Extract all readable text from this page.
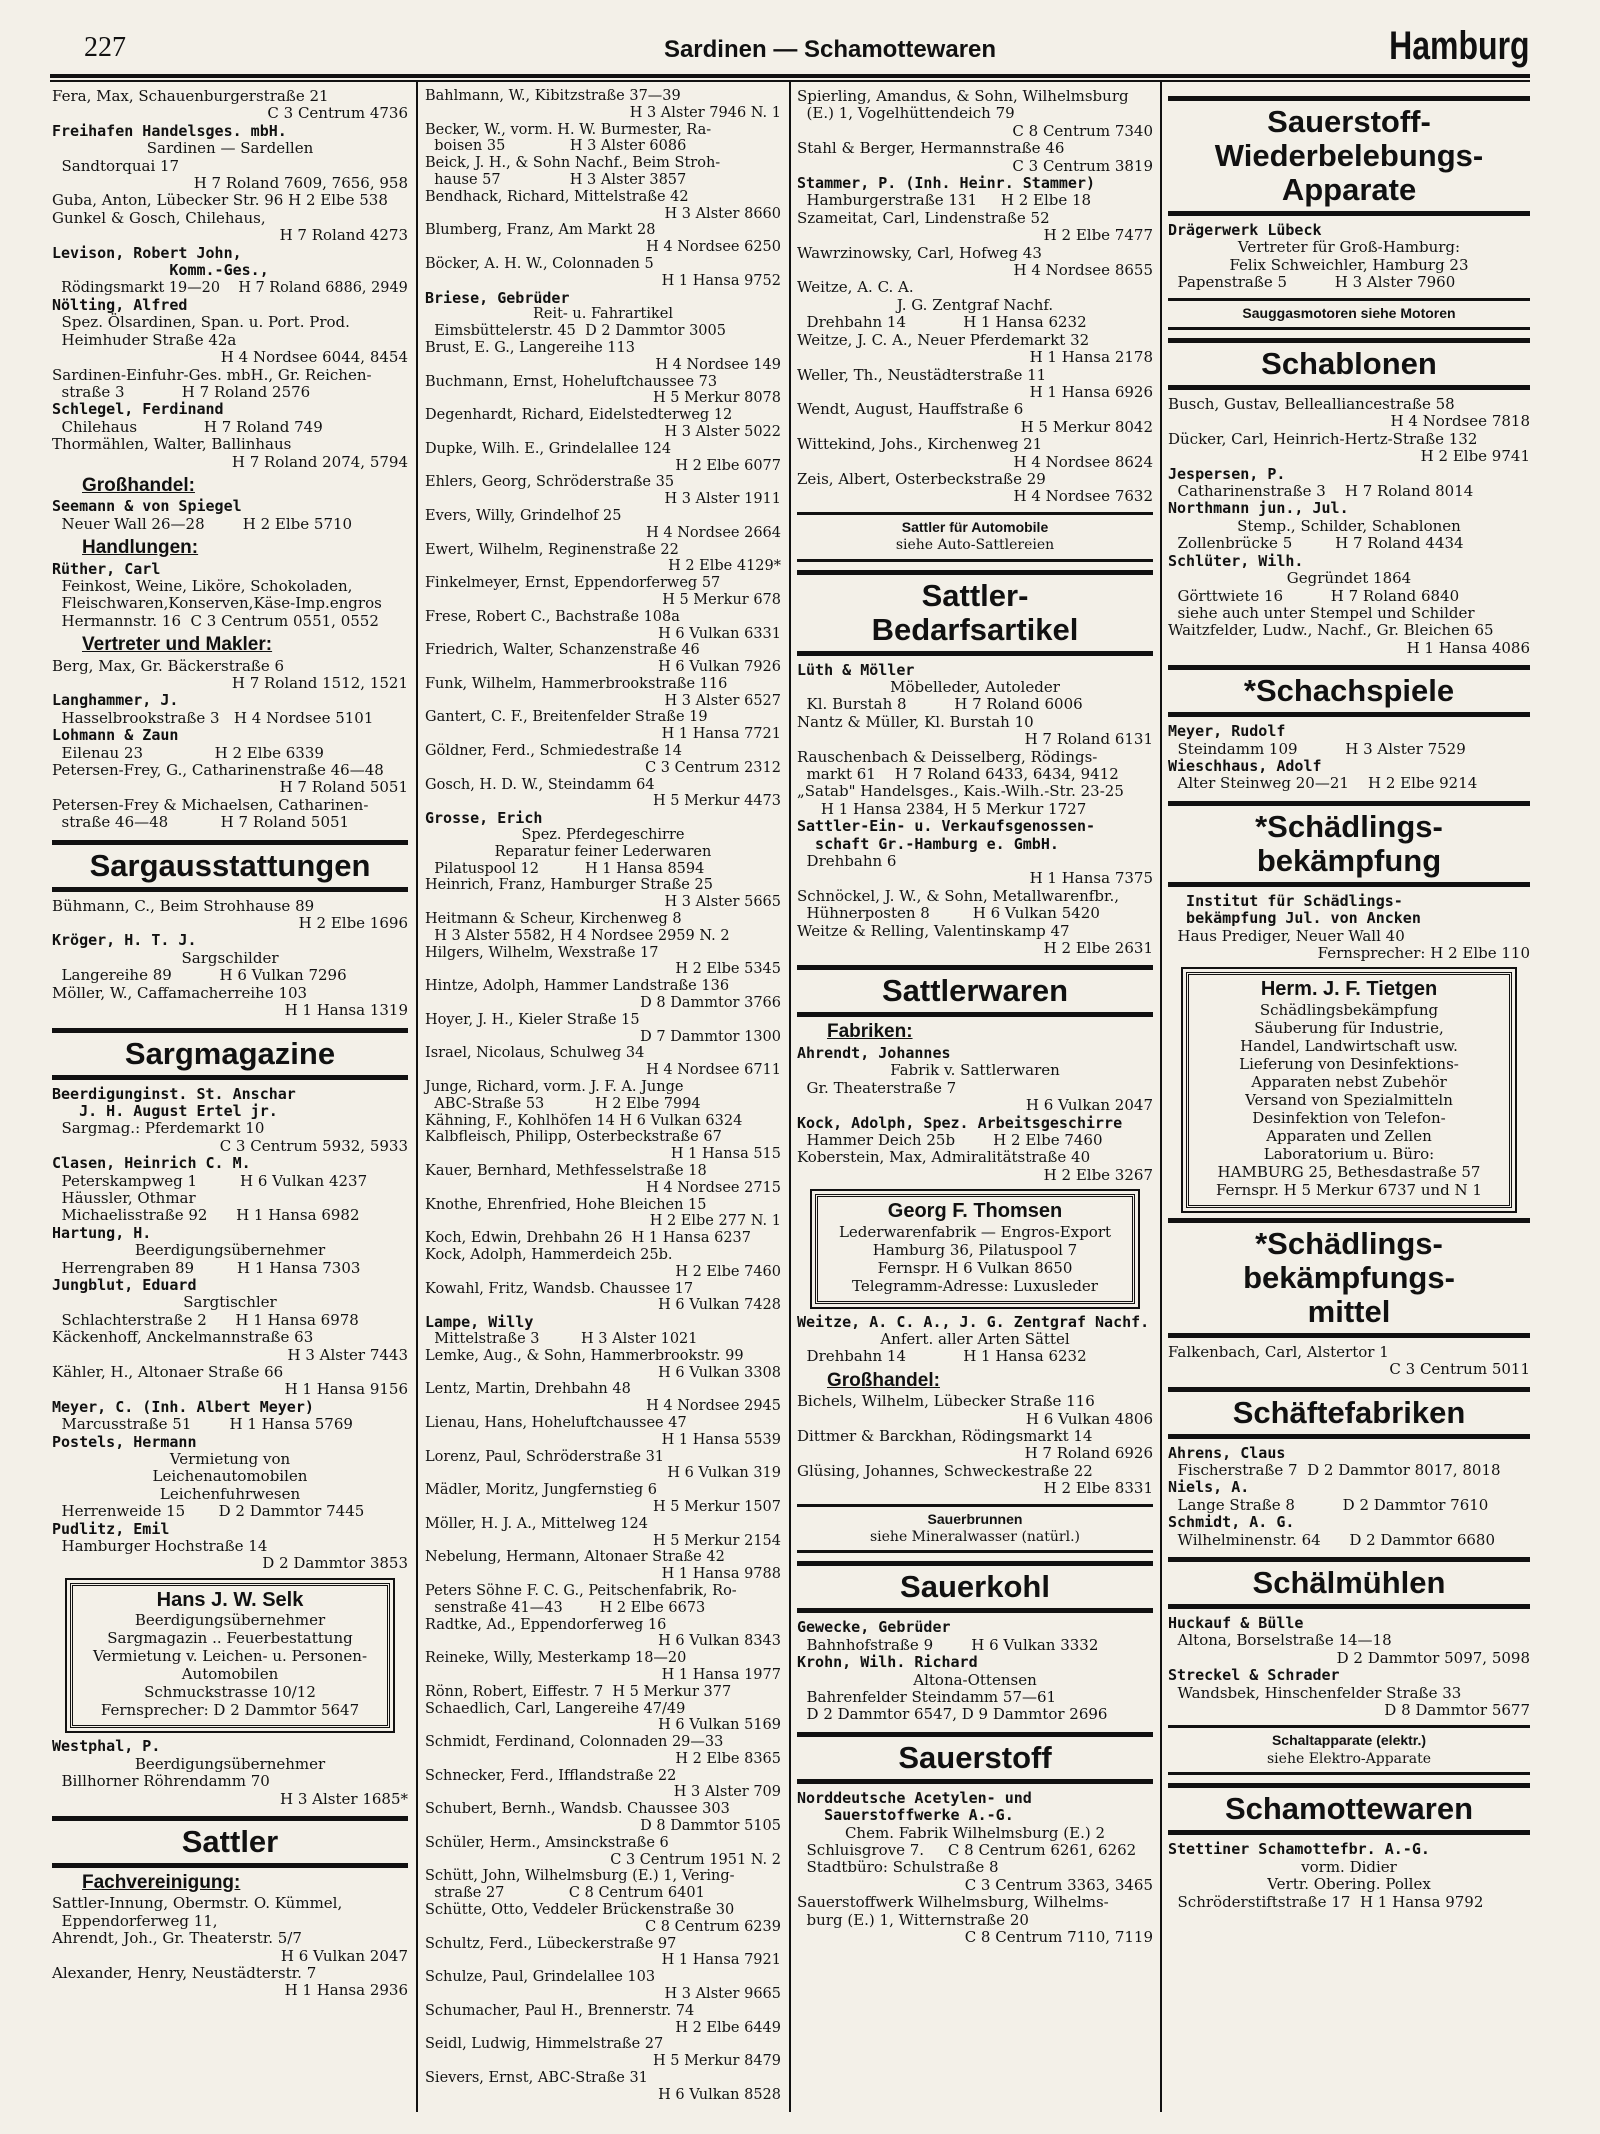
227	Sardinen — Schamottewaren	Hamburg
Fera, Max, Schauenburgerstraße 21
C 3 Centrum 4736
Freihafen Handelsges. mbH.
Sardinen — Sardellen
Sandtorquai 17
H 7 Roland 7609, 7656, 958
Guba, Anton, Lübecker Str. 96 H 2 Elbe 538
Gunkel & Gosch, Chilehaus,
H 7 Roland 4273
Levison, Robert John,
Komm.-Ges.,
Rödingsmarkt 19—20    H 7 Roland 6886, 2949
Nölting, Alfred
Spez. Ölsardinen, Span. u. Port. Prod.
Heimhuder Straße 42a
H 4 Nordsee 6044, 8454
Sardinen-Einfuhr-Ges. mbH., Gr. Reichen-
straße 3            H 7 Roland 2576
Schlegel, Ferdinand
Chilehaus              H 7 Roland 749
Thormählen, Walter, Ballinhaus
H 7 Roland 2074, 5794
Großhandel:
Seemann & von Spiegel
Neuer Wall 26—28        H 2 Elbe 5710
Handlungen:
Rüther, Carl
Feinkost, Weine, Liköre, Schokoladen,
Fleischwaren,Konserven,Käse-Imp.engros
Hermannstr. 16  C 3 Centrum 0551, 0552
Vertreter und Makler:
Berg, Max, Gr. Bäckerstraße 6
H 7 Roland 1512, 1521
Langhammer, J.
Hasselbrookstraße 3   H 4 Nordsee 5101
Lohmann & Zaun
Eilenau 23               H 2 Elbe 6339
Petersen-Frey, G., Catharinenstraße 46—48
H 7 Roland 5051
Petersen-Frey & Michaelsen, Catharinen-
straße 46—48           H 7 Roland 5051
Sargausstattungen
Bühmann, C., Beim Strohhause 89
H 2 Elbe 1696
Kröger, H. T. J.
Sargschilder
Langereihe 89          H 6 Vulkan 7296
Möller, W., Caffamacherreihe 103
H 1 Hansa 1319
Sargmagazine
Beerdigunginst. St. Anschar
J. H. August Ertel jr.
Sargmag.: Pferdemarkt 10
C 3 Centrum 5932, 5933
Clasen, Heinrich C. M.
Peterskampweg 1         H 6 Vulkan 4237
Häussler, Othmar
Michaelisstraße 92      H 1 Hansa 6982
Hartung, H.
Beerdigungsübernehmer
Herrengraben 89         H 1 Hansa 7303
Jungblut, Eduard
Sargtischler
Schlachterstraße 2      H 1 Hansa 6978
Käckenhoff, Anckelmannstraße 63
H 3 Alster 7443
Kähler, H., Altonaer Straße 66
H 1 Hansa 9156
Meyer, C. (Inh. Albert Meyer)
Marcusstraße 51        H 1 Hansa 5769
Postels, Hermann
Vermietung von
Leichenautomobilen
Leichenfuhrwesen
Herrenweide 15       D 2 Dammtor 7445
Pudlitz, Emil
Hamburger Hochstraße 14
D 2 Dammtor 3853
Hans J. W. Selk
Beerdigungsübernehmer
Sargmagazin .. Feuerbestattung
Vermietung v. Leichen- u. Personen-
Automobilen
Schmuckstrasse 10/12
Fernsprecher: D 2 Dammtor 5647
Westphal, P.
Beerdigungsübernehmer
Billhorner Röhrendamm 70
H 3 Alster 1685*
Sattler
Fachvereinigung:
Sattler-Innung, Obermstr. O. Kümmel,
Eppendorferweg 11,
Ahrendt, Joh., Gr. Theaterstr. 5/7
H 6 Vulkan 2047
Alexander, Henry, Neustädterstr. 7
H 1 Hansa 2936
Bahlmann, W., Kibitzstraße 37—39
H 3 Alster 7946 N. 1
Becker, W., vorm. H. W. Burmester, Ra-
boisen 35              H 3 Alster 6086
Beick, J. H., & Sohn Nachf., Beim Stroh-
hause 57               H 3 Alster 3857
Bendhack, Richard, Mittelstraße 42
H 3 Alster 8660
Blumberg, Franz, Am Markt 28
H 4 Nordsee 6250
Böcker, A. H. W., Colonnaden 5
H 1 Hansa 9752
Briese, Gebrüder
Reit- u. Fahrartikel
Eimsbüttelerstr. 45  D 2 Dammtor 3005
Brust, E. G., Langereihe 113
H 4 Nordsee 149
Buchmann, Ernst, Hoheluftchaussee 73
H 5 Merkur 8078
Degenhardt, Richard, Eidelstedterweg 12
H 3 Alster 5022
Dupke, Wilh. E., Grindelallee 124
H 2 Elbe 6077
Ehlers, Georg, Schröderstraße 35
H 3 Alster 1911
Evers, Willy, Grindelhof 25
H 4 Nordsee 2664
Ewert, Wilhelm, Reginenstraße 22
H 2 Elbe 4129*
Finkelmeyer, Ernst, Eppendorferweg 57
H 5 Merkur 678
Frese, Robert C., Bachstraße 108a
H 6 Vulkan 6331
Friedrich, Walter, Schanzenstraße 46
H 6 Vulkan 7926
Funk, Wilhelm, Hammerbrookstraße 116
H 3 Alster 6527
Gantert, C. F., Breitenfelder Straße 19
H 1 Hansa 7721
Göldner, Ferd., Schmiedestraße 14
C 3 Centrum 2312
Gosch, H. D. W., Steindamm 64
H 5 Merkur 4473
Grosse, Erich
Spez. Pferdegeschirre
Reparatur feiner Lederwaren
Pilatuspool 12          H 1 Hansa 8594
Heinrich, Franz, Hamburger Straße 25
H 3 Alster 5665
Heitmann & Scheur, Kirchenweg 8
H 3 Alster 5582, H 4 Nordsee 2959 N. 2
Hilgers, Wilhelm, Wexstraße 17
H 2 Elbe 5345
Hintze, Adolph, Hammer Landstraße 136
D 8 Dammtor 3766
Hoyer, J. H., Kieler Straße 15
D 7 Dammtor 1300
Israel, Nicolaus, Schulweg 34
H 4 Nordsee 6711
Junge, Richard, vorm. J. F. A. Junge
ABC-Straße 53           H 2 Elbe 7994
Kähning, F., Kohlhöfen 14 H 6 Vulkan 6324
Kalbfleisch, Philipp, Osterbeckstraße 67
H 1 Hansa 515
Kauer, Bernhard, Methfesselstraße 18
H 4 Nordsee 2715
Knothe, Ehrenfried, Hohe Bleichen 15
H 2 Elbe 277 N. 1
Koch, Edwin, Drehbahn 26  H 1 Hansa 6237
Kock, Adolph, Hammerdeich 25b.
H 2 Elbe 7460
Kowahl, Fritz, Wandsb. Chaussee 17
H 6 Vulkan 7428
Lampe, Willy
Mittelstraße 3         H 3 Alster 1021
Lemke, Aug., & Sohn, Hammerbrookstr. 99
H 6 Vulkan 3308
Lentz, Martin, Drehbahn 48
H 4 Nordsee 2945
Lienau, Hans, Hoheluftchaussee 47
H 1 Hansa 5539
Lorenz, Paul, Schröderstraße 31
H 6 Vulkan 319
Mädler, Moritz, Jungfernstieg 6
H 5 Merkur 1507
Möller, H. J. A., Mittelweg 124
H 5 Merkur 2154
Nebelung, Hermann, Altonaer Straße 42
H 1 Hansa 9788
Peters Söhne F. C. G., Peitschenfabrik, Ro-
senstraße 41—43        H 2 Elbe 6673
Radtke, Ad., Eppendorferweg 16
H 6 Vulkan 8343
Reineke, Willy, Mesterkamp 18—20
H 1 Hansa 1977
Rönn, Robert, Eiffestr. 7  H 5 Merkur 377
Schaedlich, Carl, Langereihe 47/49
H 6 Vulkan 5169
Schmidt, Ferdinand, Colonnaden 29—33
H 2 Elbe 8365
Schnecker, Ferd., Ifflandstraße 22
H 3 Alster 709
Schubert, Bernh., Wandsb. Chaussee 303
D 8 Dammtor 5105
Schüler, Herm., Amsinckstraße 6
C 3 Centrum 1951 N. 2
Schütt, John, Wilhelmsburg (E.) 1, Vering-
straße 27              C 8 Centrum 6401
Schütte, Otto, Veddeler Brückenstraße 30
C 8 Centrum 6239
Schultz, Ferd., Lübeckerstraße 97
H 1 Hansa 7921
Schulze, Paul, Grindelallee 103
H 3 Alster 9665
Schumacher, Paul H., Brennerstr. 74
H 2 Elbe 6449
Seidl, Ludwig, Himmelstraße 27
H 5 Merkur 8479
Sievers, Ernst, ABC-Straße 31
H 6 Vulkan 8528
Spierling, Amandus, & Sohn, Wilhelmsburg
(E.) 1, Vogelhüttendeich 79
C 8 Centrum 7340
Stahl & Berger, Hermannstraße 46
C 3 Centrum 3819
Stammer, P. (Inh. Heinr. Stammer)
Hamburgerstraße 131     H 2 Elbe 18
Szameitat, Carl, Lindenstraße 52
H 2 Elbe 7477
Wawrzinowsky, Carl, Hofweg 43
H 4 Nordsee 8655
Weitze, A. C. A.
J. G. Zentgraf Nachf.
Drehbahn 14            H 1 Hansa 6232
Weitze, J. C. A., Neuer Pferdemarkt 32
H 1 Hansa 2178
Weller, Th., Neustädterstraße 11
H 1 Hansa 6926
Wendt, August, Hauffstraße 6
H 5 Merkur 8042
Wittekind, Johs., Kirchenweg 21
H 4 Nordsee 8624
Zeis, Albert, Osterbeckstraße 29
H 4 Nordsee 7632
Sattler für Automobile
siehe Auto-Sattlereien
Sattler-
Bedarfsartikel
Lüth & Möller
Möbelleder, Autoleder
Kl. Burstah 8          H 7 Roland 6006
Nantz & Müller, Kl. Burstah 10
H 7 Roland 6131
Rauschenbach & Deisselberg, Rödings-
markt 61    H 7 Roland 6433, 6434, 9412
„Satab" Handelsges., Kais.-Wilh.-Str. 23-25
H 1 Hansa 2384, H 5 Merkur 1727
Sattler-Ein- u. Verkaufsgenossen-
schaft Gr.-Hamburg e. GmbH.
Drehbahn 6
H 1 Hansa 7375
Schnöckel, J. W., & Sohn, Metallwarenfbr.,
Hühnerposten 8         H 6 Vulkan 5420
Weitze & Relling, Valentinskamp 47
H 2 Elbe 2631
Sattlerwaren
Fabriken:
Ahrendt, Johannes
Fabrik v. Sattlerwaren
Gr. Theaterstraße 7
H 6 Vulkan 2047
Kock, Adolph, Spez. Arbeitsgeschirre
Hammer Deich 25b        H 2 Elbe 7460
Koberstein, Max, Admiralitätstraße 40
H 2 Elbe 3267
Georg F. Thomsen
Lederwarenfabrik — Engros-Export
Hamburg 36, Pilatuspool 7
Fernspr. H 6 Vulkan 8650
Telegramm-Adresse: Luxusleder
Weitze, A. C. A., J. G. Zentgraf Nachf.
Anfert. aller Arten Sättel
Drehbahn 14            H 1 Hansa 6232
Großhandel:
Bichels, Wilhelm, Lübecker Straße 116
H 6 Vulkan 4806
Dittmer & Barckhan, Rödingsmarkt 14
H 7 Roland 6926
Glüsing, Johannes, Schweckestraße 22
H 2 Elbe 8331
Sauerbrunnen
siehe Mineralwasser (natürl.)
Sauerkohl
Gewecke, Gebrüder
Bahnhofstraße 9        H 6 Vulkan 3332
Krohn, Wilh. Richard
Altona-Ottensen
Bahrenfelder Steindamm 57—61
D 2 Dammtor 6547, D 9 Dammtor 2696
Sauerstoff
Norddeutsche Acetylen- und
Sauerstoffwerke A.-G.
Chem. Fabrik Wilhelmsburg (E.) 2
Schluisgrove 7.     C 8 Centrum 6261, 6262
Stadtbüro: Schulstraße 8
C 3 Centrum 3363, 3465
Sauerstoffwerk Wilhelmsburg, Wilhelms-
burg (E.) 1, Witternstraße 20
C 8 Centrum 7110, 7119
Sauerstoff-
Wiederbelebungs-
Apparate
Drägerwerk Lübeck
Vertreter für Groß-Hamburg:
Felix Schweichler, Hamburg 23
Papenstraße 5          H 3 Alster 7960
Sauggasmotoren siehe Motoren
Schablonen
Busch, Gustav, Bellealliancestraße 58
H 4 Nordsee 7818
Dücker, Carl, Heinrich-Hertz-Straße 132
H 2 Elbe 9741
Jespersen, P.
Catharinenstraße 3    H 7 Roland 8014
Northmann jun., Jul.
Stemp., Schilder, Schablonen
Zollenbrücke 5         H 7 Roland 4434
Schlüter, Wilh.
Gegründet 1864
Görttwiete 16          H 7 Roland 6840
siehe auch unter Stempel und Schilder
Waitzfelder, Ludw., Nachf., Gr. Bleichen 65
H 1 Hansa 4086
*Schachspiele
Meyer, Rudolf
Steindamm 109          H 3 Alster 7529
Wieschhaus, Adolf
Alter Steinweg 20—21    H 2 Elbe 9214
*Schädlings-
bekämpfung
Institut für Schädlings-
bekämpfung Jul. von Ancken
Haus Prediger, Neuer Wall 40
Fernsprecher: H 2 Elbe 110
Herm. J. F. Tietgen
Schädlingsbekämpfung
Säuberung für Industrie,
Handel, Landwirtschaft usw.
Lieferung von Desinfektions-
Apparaten nebst Zubehör
Versand von Spezialmitteln
Desinfektion von Telefon-
Apparaten und Zellen
Laboratorium u. Büro:
HAMBURG 25, Bethesdastraße 57
Fernspr. H 5 Merkur 6737 und N 1
*Schädlings-
bekämpfungs-
mittel
Falkenbach, Carl, Alstertor 1
C 3 Centrum 5011
Schäftefabriken
Ahrens, Claus
Fischerstraße 7  D 2 Dammtor 8017, 8018
Niels, A.
Lange Straße 8          D 2 Dammtor 7610
Schmidt, A. G.
Wilhelminenstr. 64      D 2 Dammtor 6680
Schälmühlen
Huckauf & Bülle
Altona, Borselstraße 14—18
D 2 Dammtor 5097, 5098
Streckel & Schrader
Wandsbek, Hinschenfelder Straße 33
D 8 Dammtor 5677
Schaltapparate (elektr.)
siehe Elektro-Apparate
Schamottewaren
Stettiner Schamottefbr. A.-G.
vorm. Didier
Vertr. Obering. Pollex
Schröderstiftstraße 17  H 1 Hansa 9792
